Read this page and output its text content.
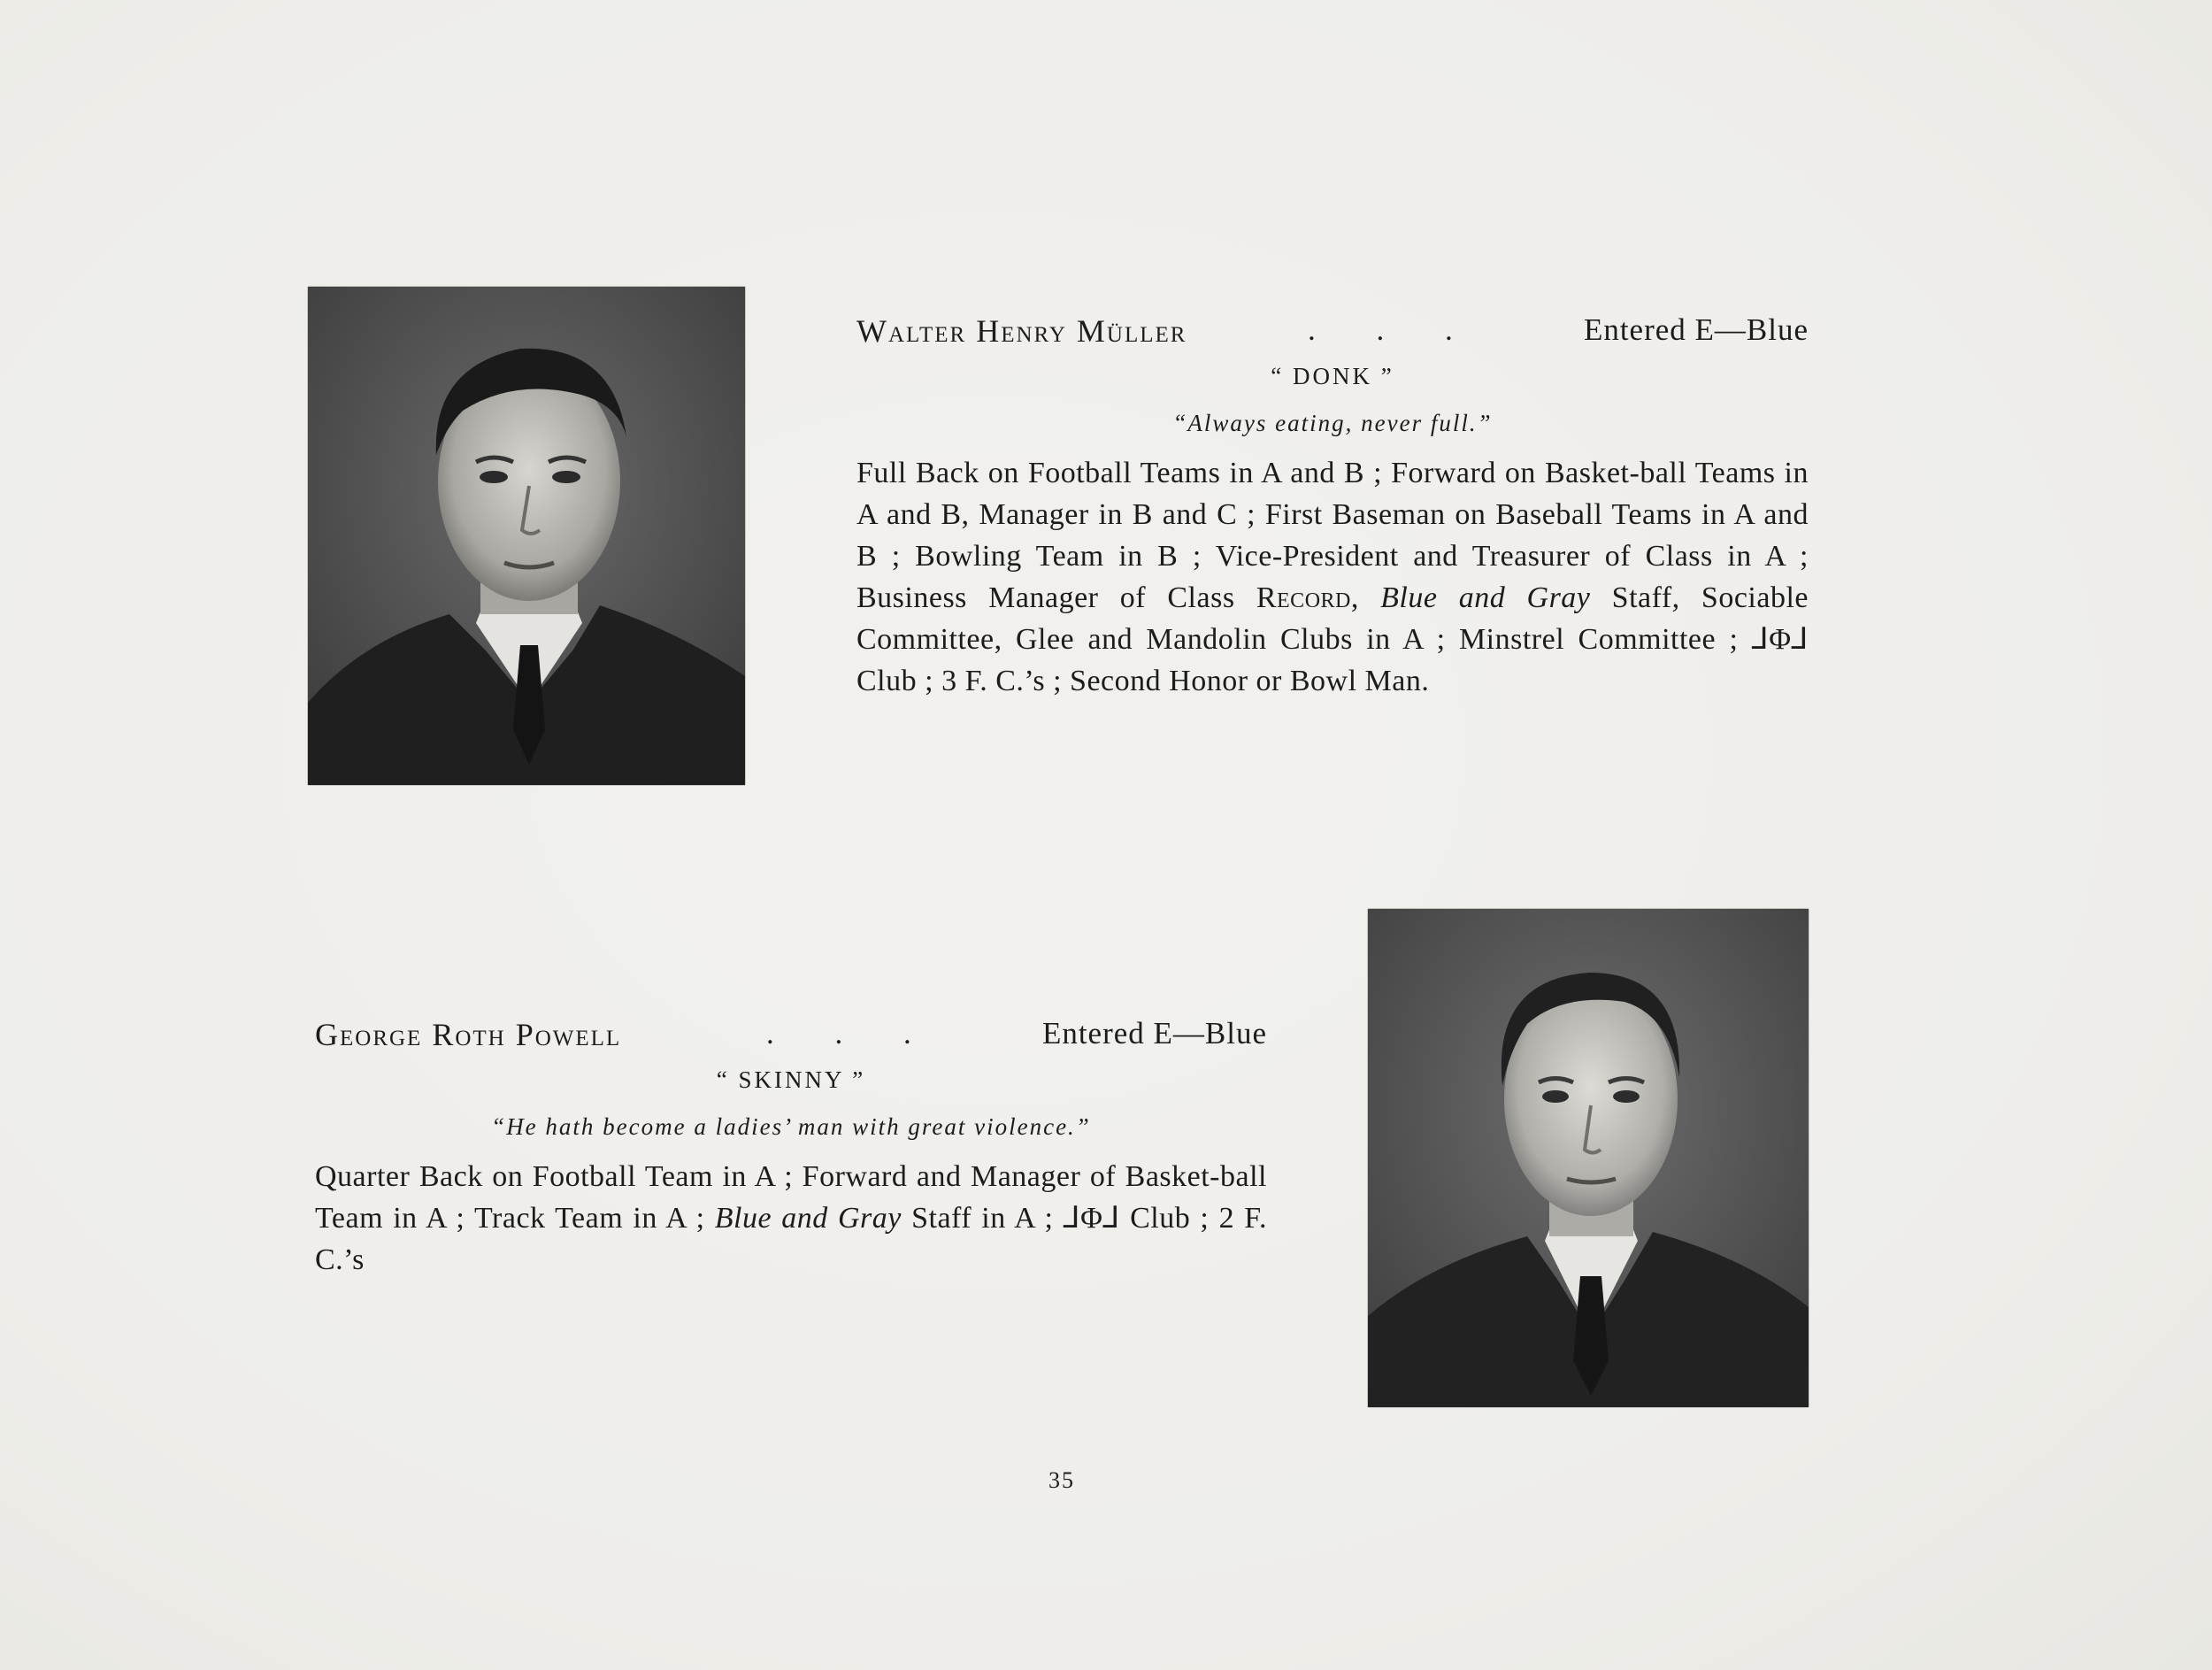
Walter Henry Müller	. . .	Entered E—Blue
“ DONK ”
“Always eating, never full.”
Full Back on Football Teams in A and B ; Forward on Basket-ball Teams in A and B, Manager in B and C ; First Baseman on Baseball Teams in A and B ; Bowling Team in B ; Vice-President and Treasurer of Class in A ; Business Manager of Class Record, Blue and Gray Staff, Sociable Committee, Glee and Mandolin Clubs in A ; Minstrel Committee ; ⅃Φ⅃ Club ; 3 F. C.’s ; Second Honor or Bowl Man.
George Roth Powell	. . .	Entered E—Blue
“ SKINNY ”
“He hath become a ladies’ man with great violence.”
Quarter Back on Football Team in A ; Forward and Manager of Basket-ball Team in A ; Track Team in A ; Blue and Gray Staff in A ; ⅃Φ⅃ Club ; 2 F. C.’s
35
